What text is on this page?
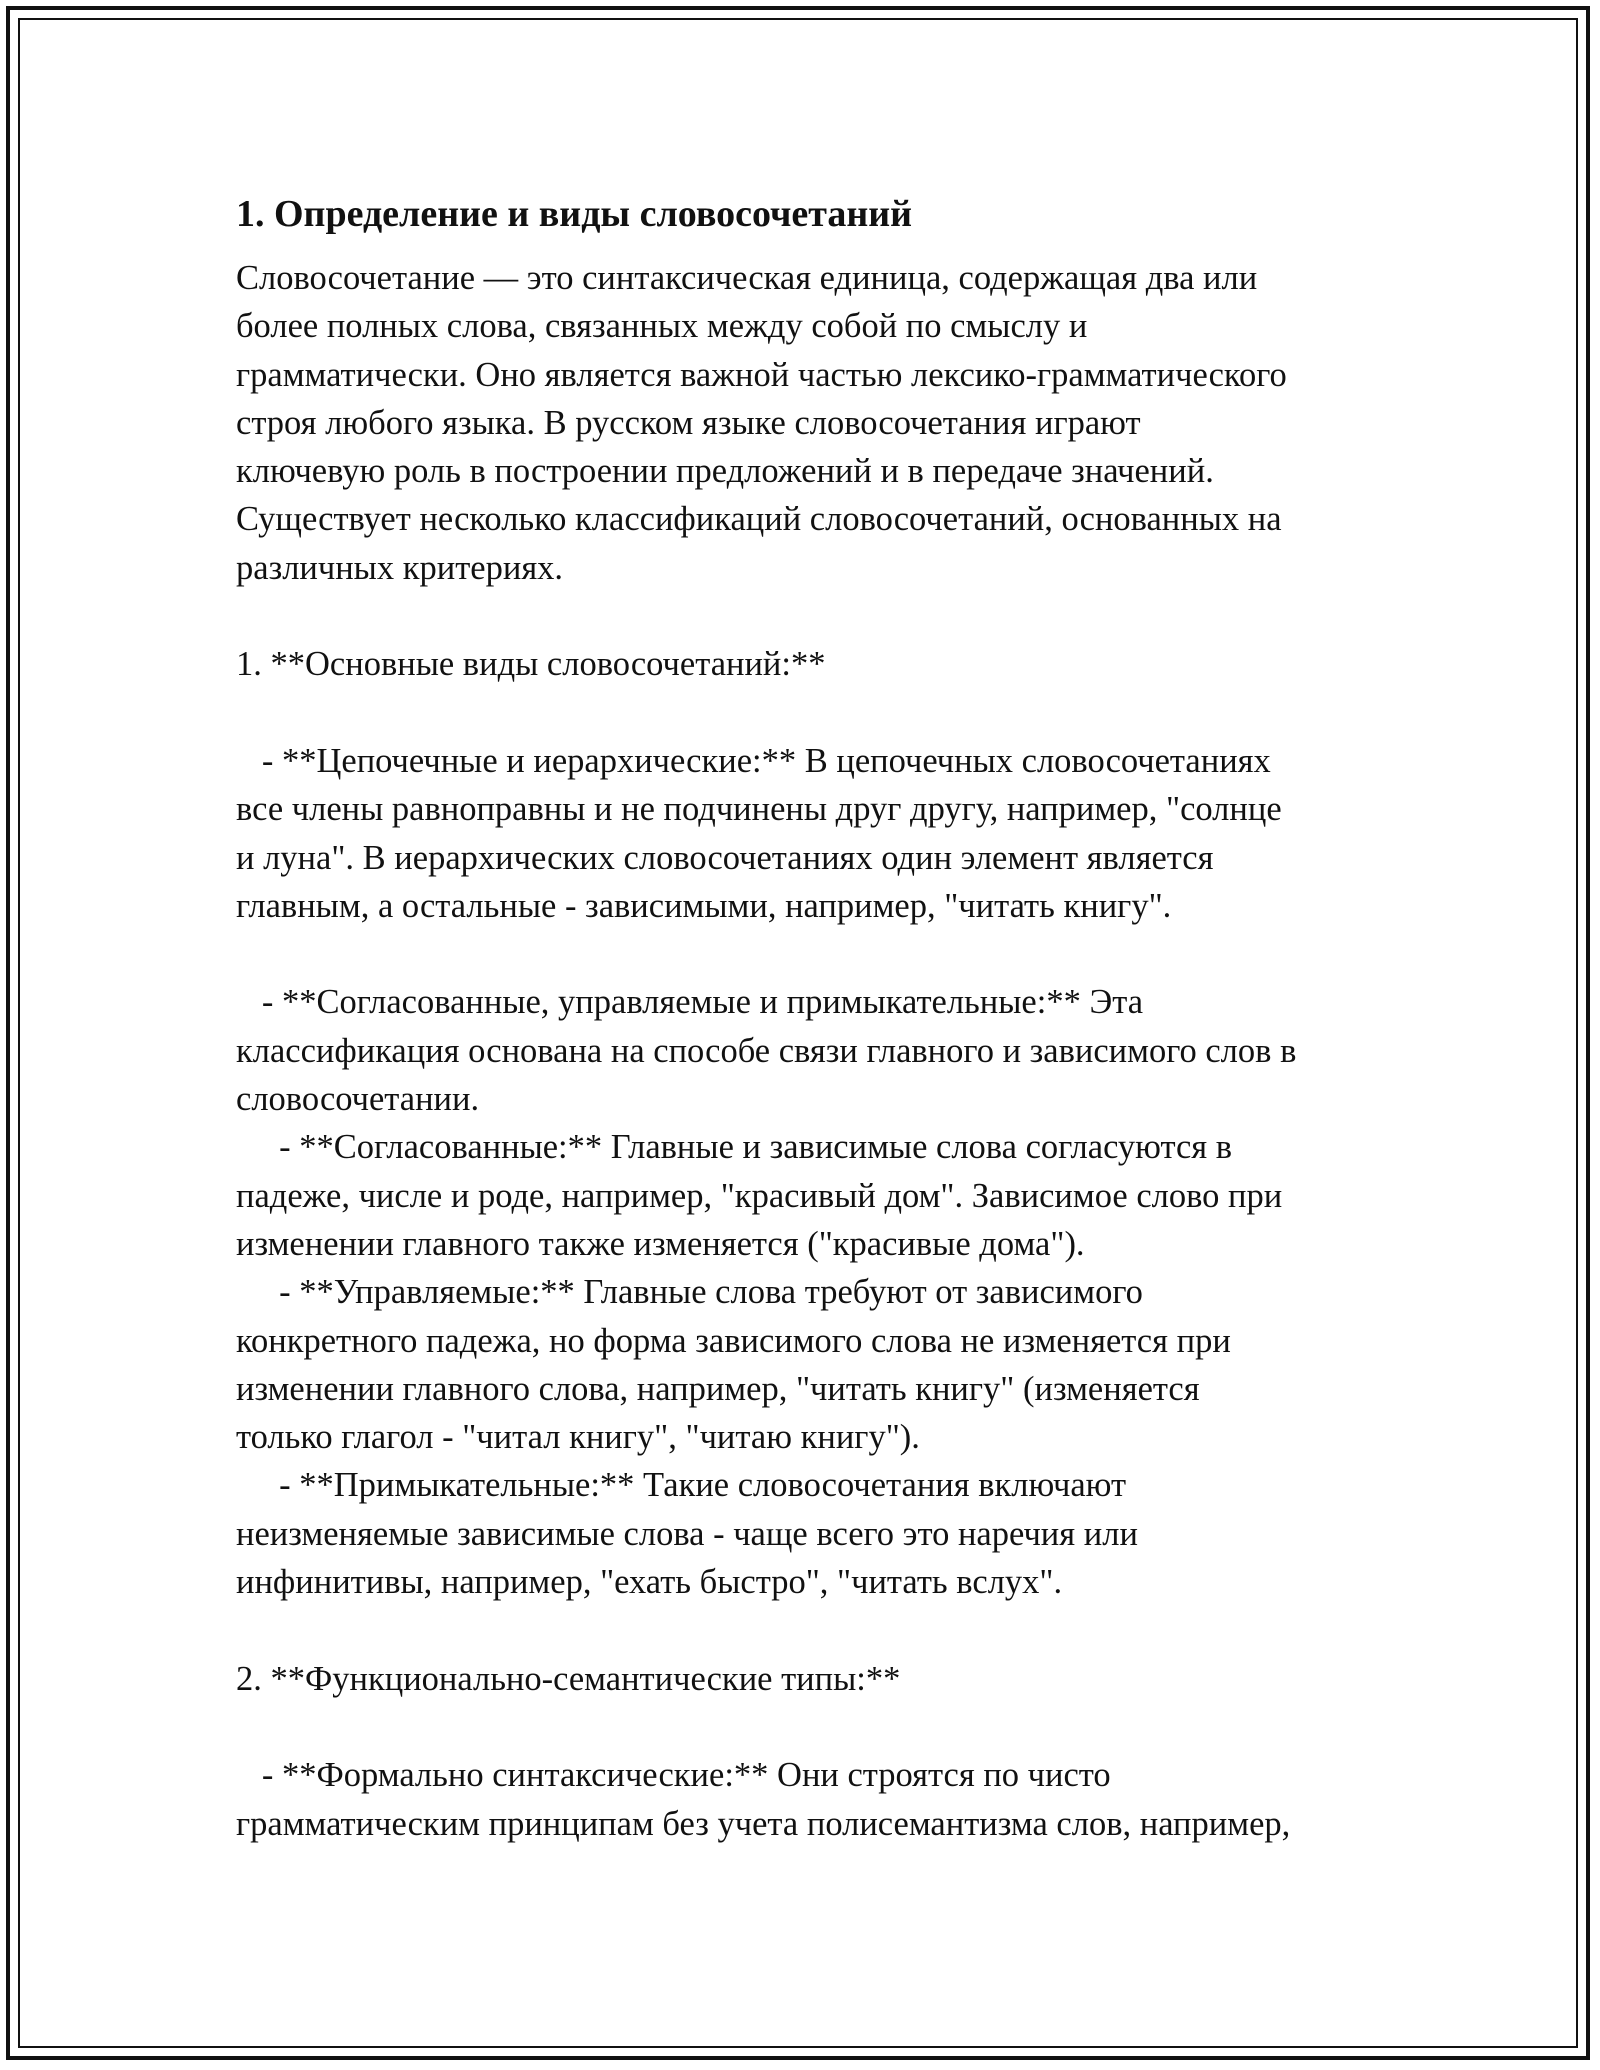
1. Определение и виды словосочетаний
Словосочетание — это синтаксическая единица, содержащая два или
более полных слова, связанных между собой по смыслу и
грамматически. Оно является важной частью лексико-грамматического
строя любого языка. В русском языке словосочетания играют
ключевую роль в построении предложений и в передаче значений.
Существует несколько классификаций словосочетаний, основанных на
различных критериях.
1. **Основные виды словосочетаний:**
- **Цепочечные и иерархические:** В цепочечных словосочетаниях
все члены равноправны и не подчинены друг другу, например, "солнце
и луна". В иерархических словосочетаниях один элемент является
главным, а остальные - зависимыми, например, "читать книгу".
- **Согласованные, управляемые и примыкательные:** Эта
классификация основана на способе связи главного и зависимого слов в
словосочетании.
- **Согласованные:** Главные и зависимые слова согласуются в
падеже, числе и роде, например, "красивый дом". Зависимое слово при
изменении главного также изменяется ("красивые дома").
- **Управляемые:** Главные слова требуют от зависимого
конкретного падежа, но форма зависимого слова не изменяется при
изменении главного слова, например, "читать книгу" (изменяется
только глагол - "читал книгу", "читаю книгу").
- **Примыкательные:** Такие словосочетания включают
неизменяемые зависимые слова - чаще всего это наречия или
инфинитивы, например, "ехать быстро", "читать вслух".
2. **Функционально-семантические типы:**
- **Формально синтаксические:** Они строятся по чисто
грамматическим принципам без учета полисемантизма слов, например,
